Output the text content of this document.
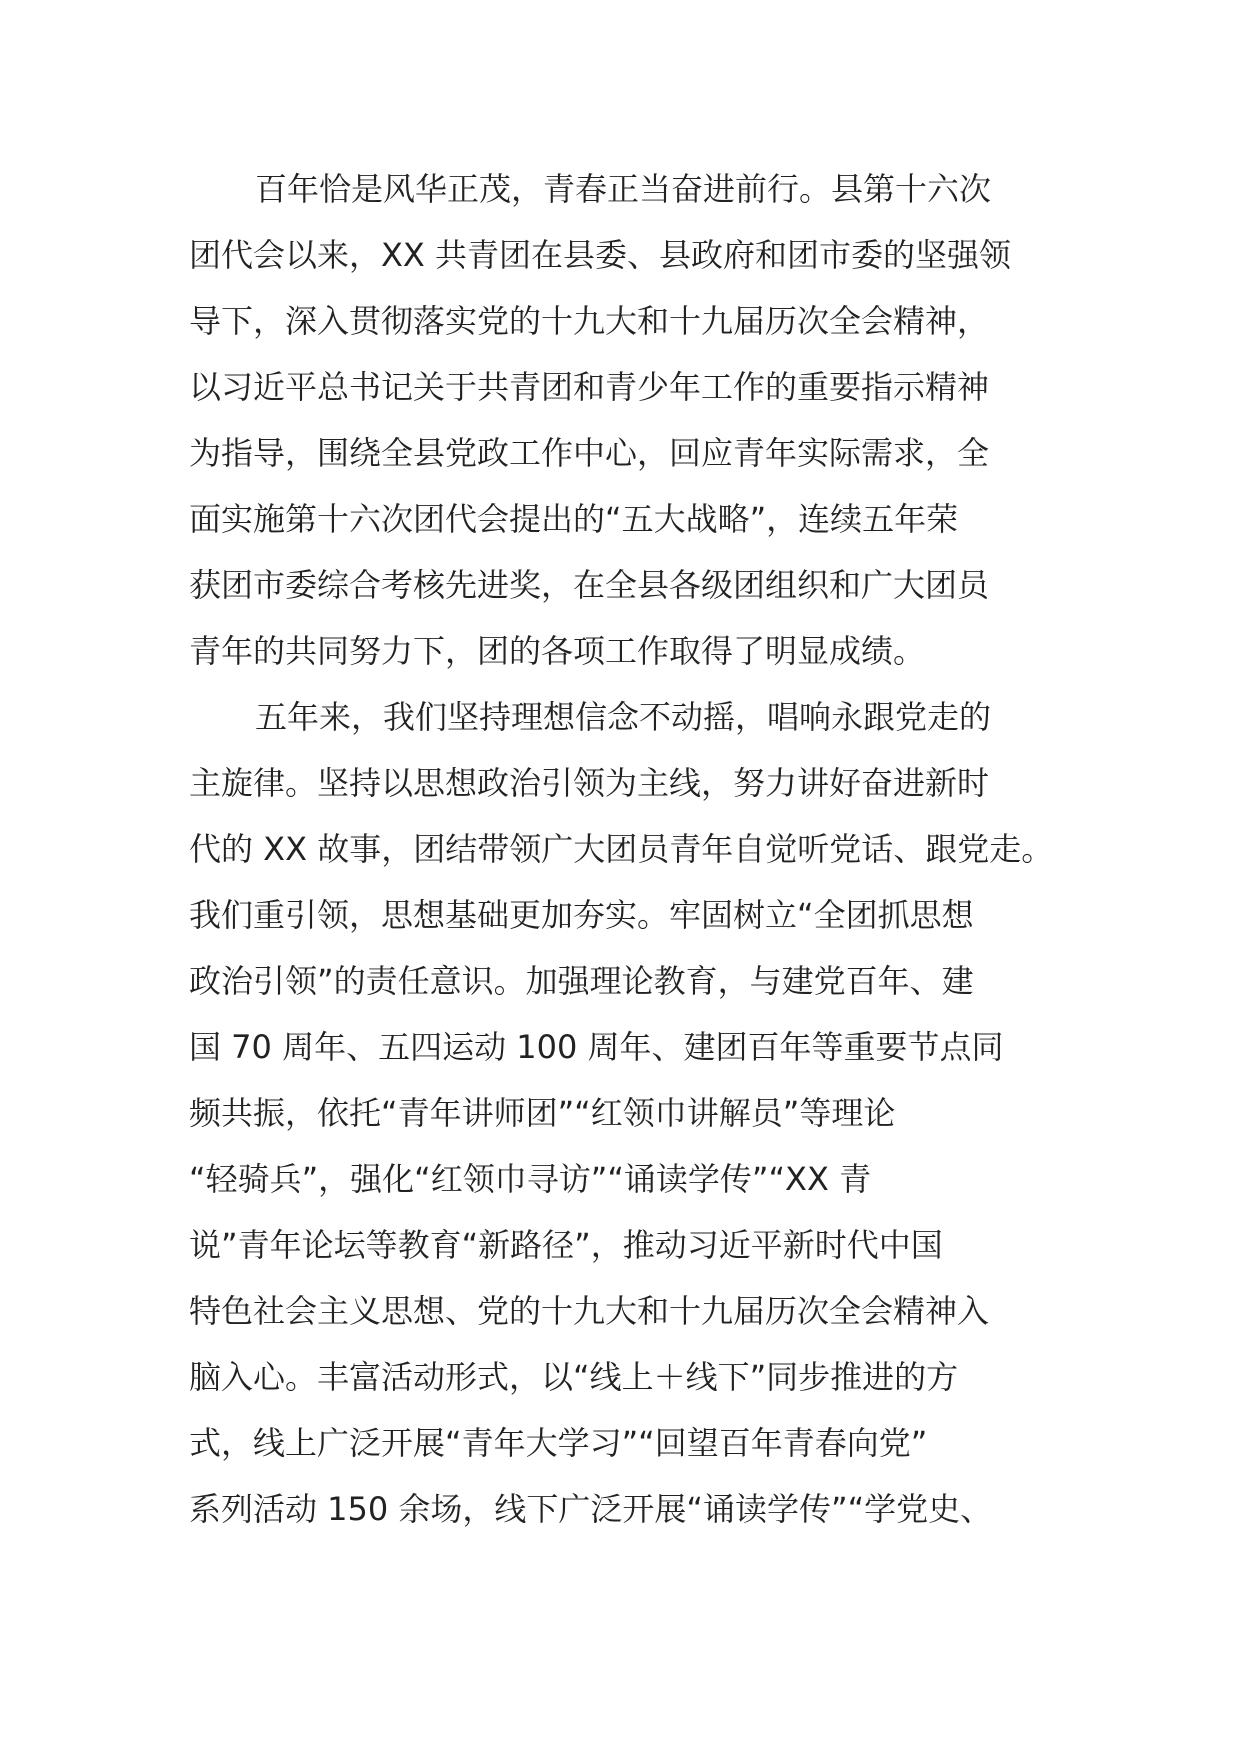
百年恰是风华正茂，青春正当奋进前行。县第十六次
团代会以来，XX 共青团在县委、县政府和团市委的坚强领
导下，深入贯彻落实党的十九大和十九届历次全会精神，
以习近平总书记关于共青团和青少年工作的重要指示精神
为指导，围绕全县党政工作中心，回应青年实际需求，全
面实施第十六次团代会提出的“五大战略”，连续五年荣
获团市委综合考核先进奖，在全县各级团组织和广大团员
青年的共同努力下，团的各项工作取得了明显成绩。

五年来，我们坚持理想信念不动摇，唱响永跟党走的
主旋律。坚持以思想政治引领为主线，努力讲好奋进新时
代的 XX 故事，团结带领广大团员青年自觉听党话、跟党走。
我们重引领，思想基础更加夯实。牢固树立“全团抓思想
政治引领”的责任意识。加强理论教育，与建党百年、建
国 70 周年、五四运动 100 周年、建团百年等重要节点同
频共振，依托“青年讲师团”“红领巾讲解员”等理论
“轻骑兵”，强化“红领巾寻访”“诵读学传”“XX 青
说”青年论坛等教育“新路径”，推动习近平新时代中国
特色社会主义思想、党的十九大和十九届历次全会精神入
脑入心。丰富活动形式，以“线上＋线下”同步推进的方
式，线上广泛开展“青年大学习”“回望百年青春向党”
系列活动 150 余场，线下广泛开展“诵读学传”“学党史、
